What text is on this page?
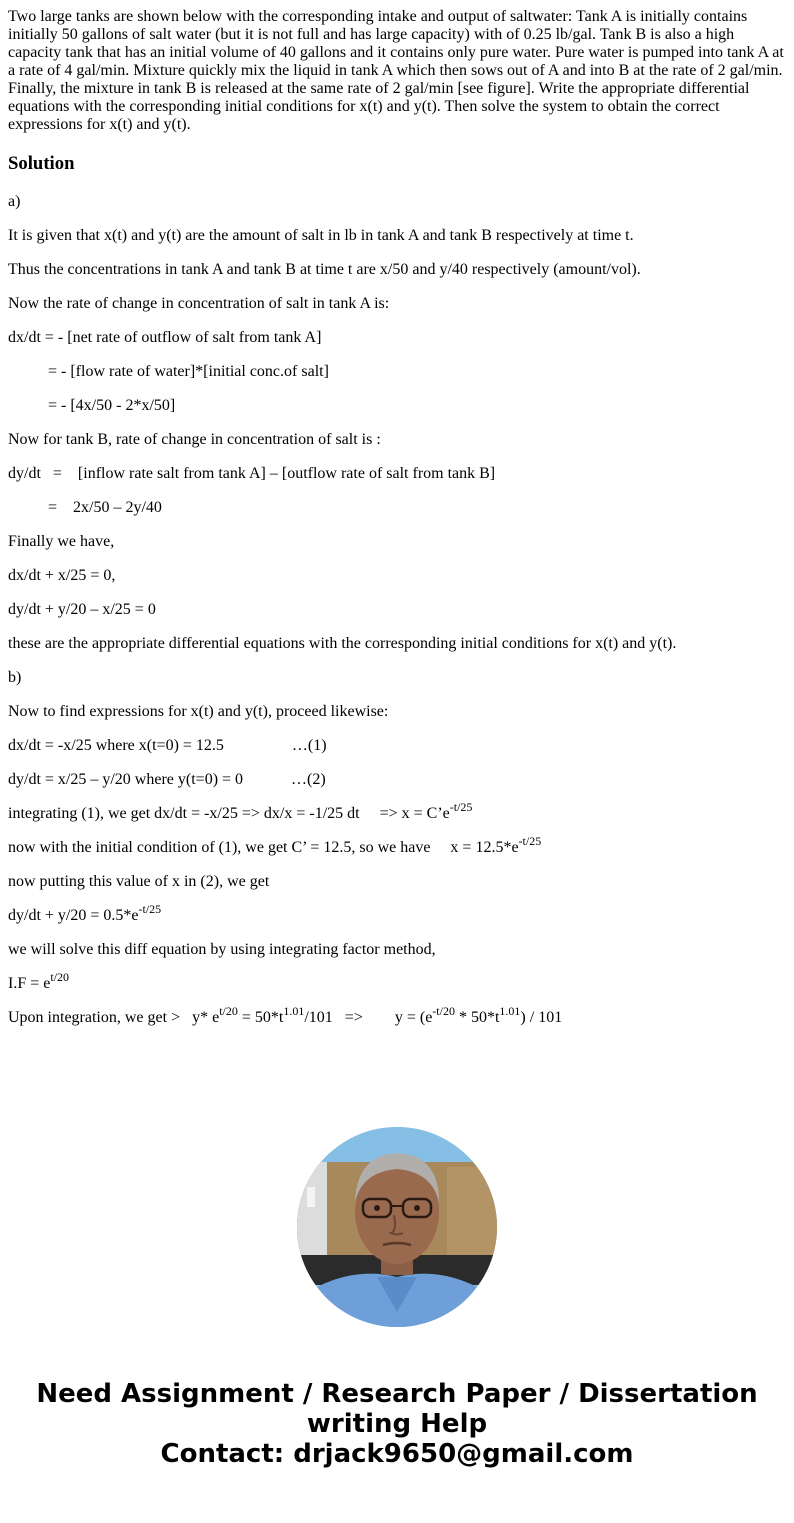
Two large tanks are shown below with the corresponding intake and output of saltwater: Tank A is initially contains initially 50 gallons of salt water (but it is not full and has large capacity) with of 0.25 lb/gal. Tank B is also a high capacity tank that has an initial volume of 40 gallons and it contains only pure water. Pure water is pumped into tank A at a rate of 4 gal/min. Mixture quickly mix the liquid in tank A which then sows out of A and into B at the rate of 2 gal/min. Finally, the mixture in tank B is released at the same rate of 2 gal/min [see figure]. Write the appropriate differential equations with the corresponding initial conditions for x(t) and y(t). Then solve the system to obtain the correct expressions for x(t) and y(t).

Solution

a)

It is given that x(t) and y(t) are the amount of salt in lb in tank A and tank B respectively at time t.

Thus the concentrations in tank A and tank B at time t are x/50 and y/40 respectively (amount/vol).

Now the rate of change in concentration of salt in tank A is:

dx/dt = - [net rate of outflow of salt from tank A]

= - [flow rate of water]*[initial conc.of salt]

= - [4x/50 - 2*x/50]

Now for tank B, rate of change in concentration of salt is :

dy/dt   =    [inflow rate salt from tank A] – [outflow rate of salt from tank B]

=    2x/50 – 2y/40

Finally we have,

dx/dt + x/25 = 0,

dy/dt + y/20 – x/25 = 0

these are the appropriate differential equations with the corresponding initial conditions for x(t) and y(t).

b)

Now to find expressions for x(t) and y(t), proceed likewise:

dx/dt = -x/25 where x(t=0) = 12.5                 …(1)

dy/dt = x/25 – y/20 where y(t=0) = 0            …(2)

integrating (1), we get dx/dt = -x/25 => dx/x = -1/25 dt     => $x = C’e^{-t/25}$

now with the initial condition of (1), we get C’ = 12.5, so we have     $x = 12.5*e^{-t/25}$

now putting this value of x in (2), we get

$dy/dt + y/20 = 0.5*e^{-t/25}$

we will solve this diff equation by using integrating factor method,

$I.F = e^{t/20}$

Upon integration, we get >   y* $e^{t/20} = 50*t^{1.01}/101$   =>        $y = (e^{-t/20} * 50*t^{1.01}) / 101$

Need Assignment / Research Paper / Dissertation
writing Help
Contact: drjack9650@gmail.com
